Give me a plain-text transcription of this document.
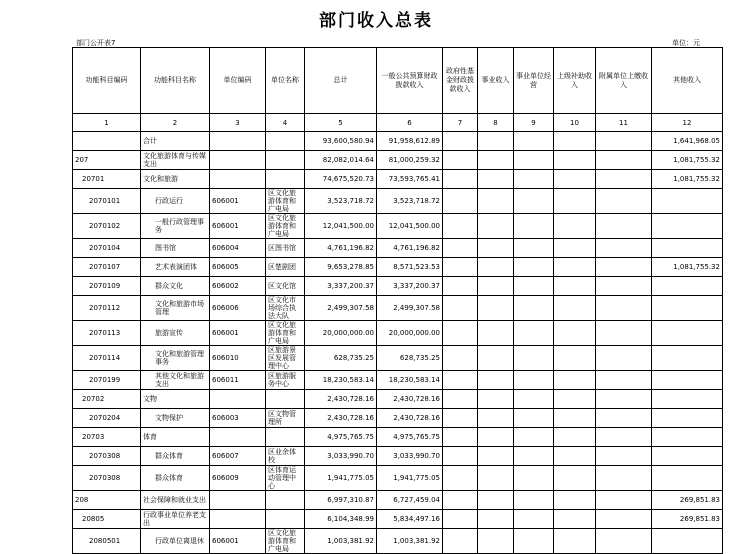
部门收入总表
部门公开表7	单位：元
功能科目编码	功能科目名称	单位编码	单位名称	总计	一般公共预算财政拨款收入	政府性基金财政拨款收入	事业收入	事业单位经营	上级补助收入	附属单位上缴收入	其他收入
1	2	3	4	5	6	7	8	9	10	11	12
	合计			93,600,580.94	91,958,612.89						1,641,968.05
207	文化旅游体育与传媒支出			82,082,014.64	81,000,259.32						1,081,755.32
20701	文化和旅游			74,675,520.73	73,593,765.41						1,081,755.32
2070101	行政运行	606001	区文化旅游体育和广电局	3,523,718.72	3,523,718.72						
2070102	一般行政管理事务	606001	区文化旅游体育和广电局	12,041,500.00	12,041,500.00						
2070104	图书馆	606004	区图书馆	4,761,196.82	4,761,196.82						
2070107	艺术表演团体	606005	区楚剧团	9,653,278.85	8,571,523.53						1,081,755.32
2070109	群众文化	606002	区文化馆	3,337,200.37	3,337,200.37						
2070112	文化和旅游市场管理	606006	区文化市场综合执法大队	2,499,307.58	2,499,307.58						
2070113	旅游宣传	606001	区文化旅游体育和广电局	20,000,000.00	20,000,000.00						
2070114	文化和旅游管理事务	606010	区旅游景区发展管理中心	628,735.25	628,735.25						
2070199	其他文化和旅游支出	606011	区旅游服务中心	18,230,583.14	18,230,583.14						
20702	文物			2,430,728.16	2,430,728.16						
2070204	文物保护	606003	区文物管理所	2,430,728.16	2,430,728.16						
20703	体育			4,975,765.75	4,975,765.75						
2070308	群众体育	606007	区业余体校	3,033,990.70	3,033,990.70						
2070308	群众体育	606009	区体育运动管理中心	1,941,775.05	1,941,775.05						
208	社会保障和就业支出			6,997,310.87	6,727,459.04						269,851.83
20805	行政事业单位养老支出			6,104,348.99	5,834,497.16						269,851.83
2080501	行政单位离退休	606001	区文化旅游体育和广电局	1,003,381.92	1,003,381.92						
